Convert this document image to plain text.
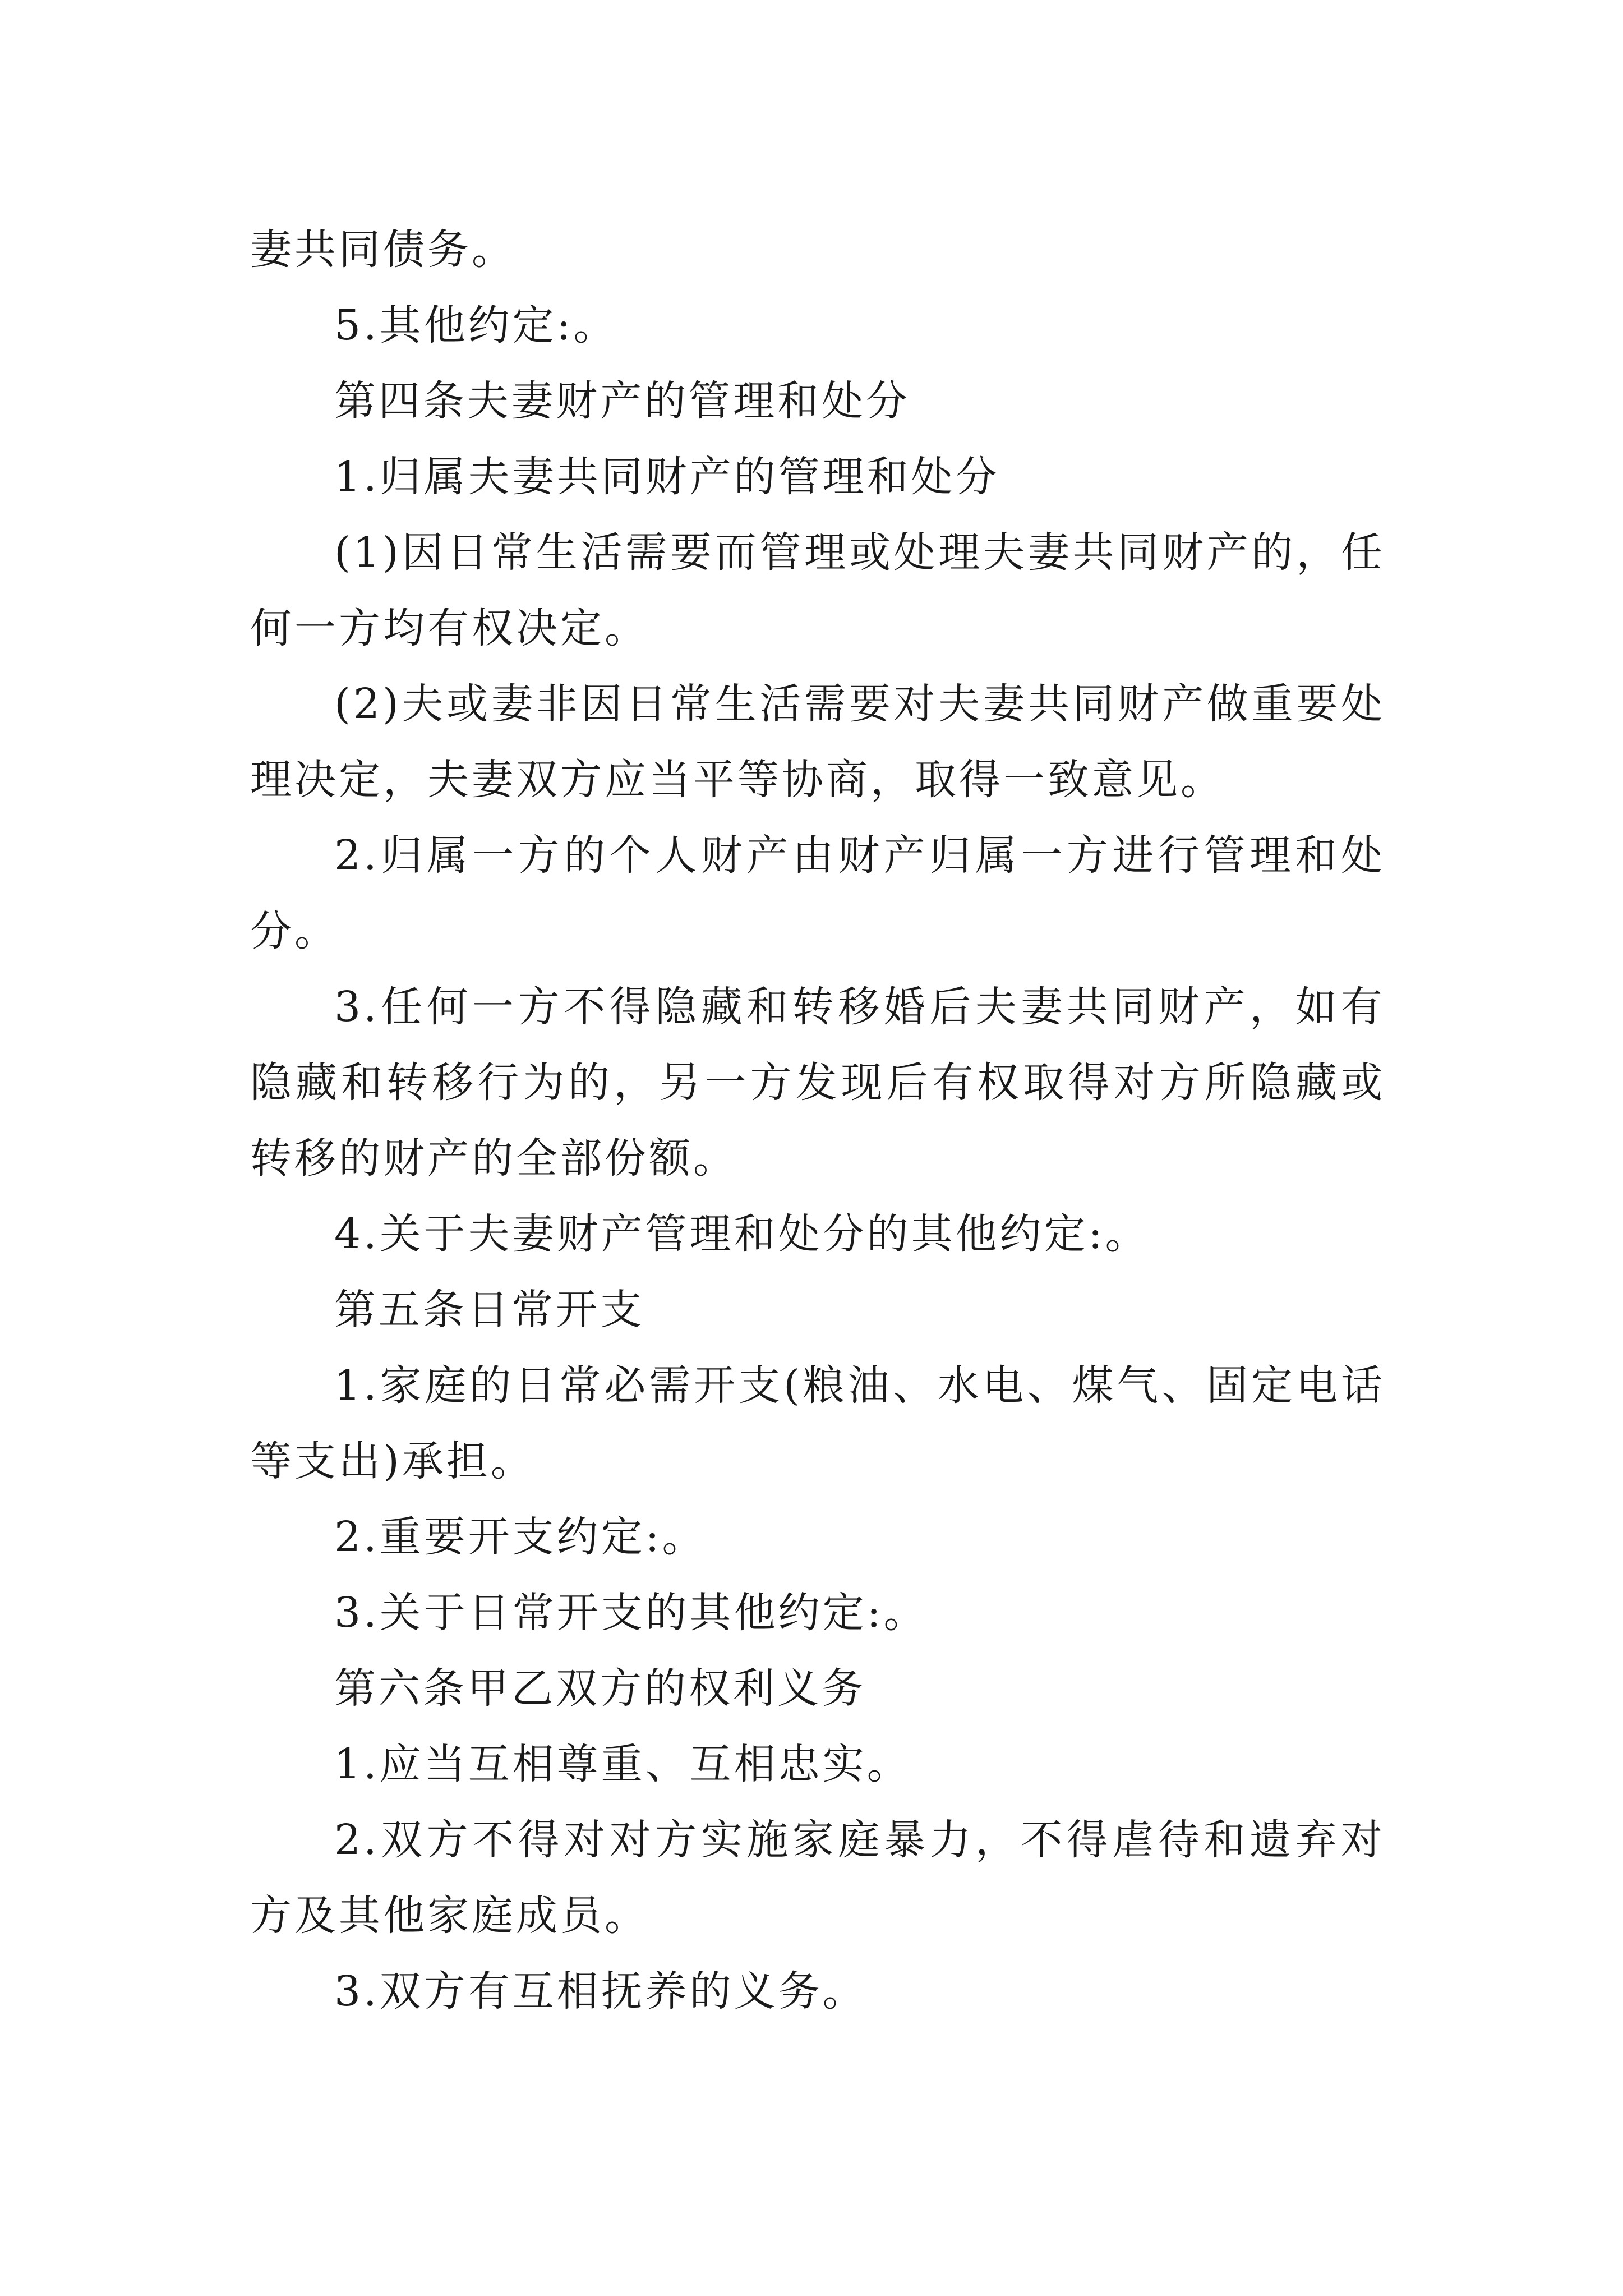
妻共同债务。

5.其他约定:。

第四条夫妻财产的管理和处分

1.归属夫妻共同财产的管理和处分

(1)因日常生活需要而管理或处理夫妻共同财产的，任何一方均有权决定。

(2)夫或妻非因日常生活需要对夫妻共同财产做重要处理决定，夫妻双方应当平等协商，取得一致意见。

2.归属一方的个人财产由财产归属一方进行管理和处分。

3.任何一方不得隐藏和转移婚后夫妻共同财产，如有隐藏和转移行为的，另一方发现后有权取得对方所隐藏或转移的财产的全部份额。

4.关于夫妻财产管理和处分的其他约定:。

第五条日常开支

1.家庭的日常必需开支(粮油、水电、煤气、固定电话等支出)承担。

2.重要开支约定:。

3.关于日常开支的其他约定:。

第六条甲乙双方的权利义务

1.应当互相尊重、互相忠实。

2.双方不得对对方实施家庭暴力，不得虐待和遗弃对方及其他家庭成员。

3.双方有互相抚养的义务。
